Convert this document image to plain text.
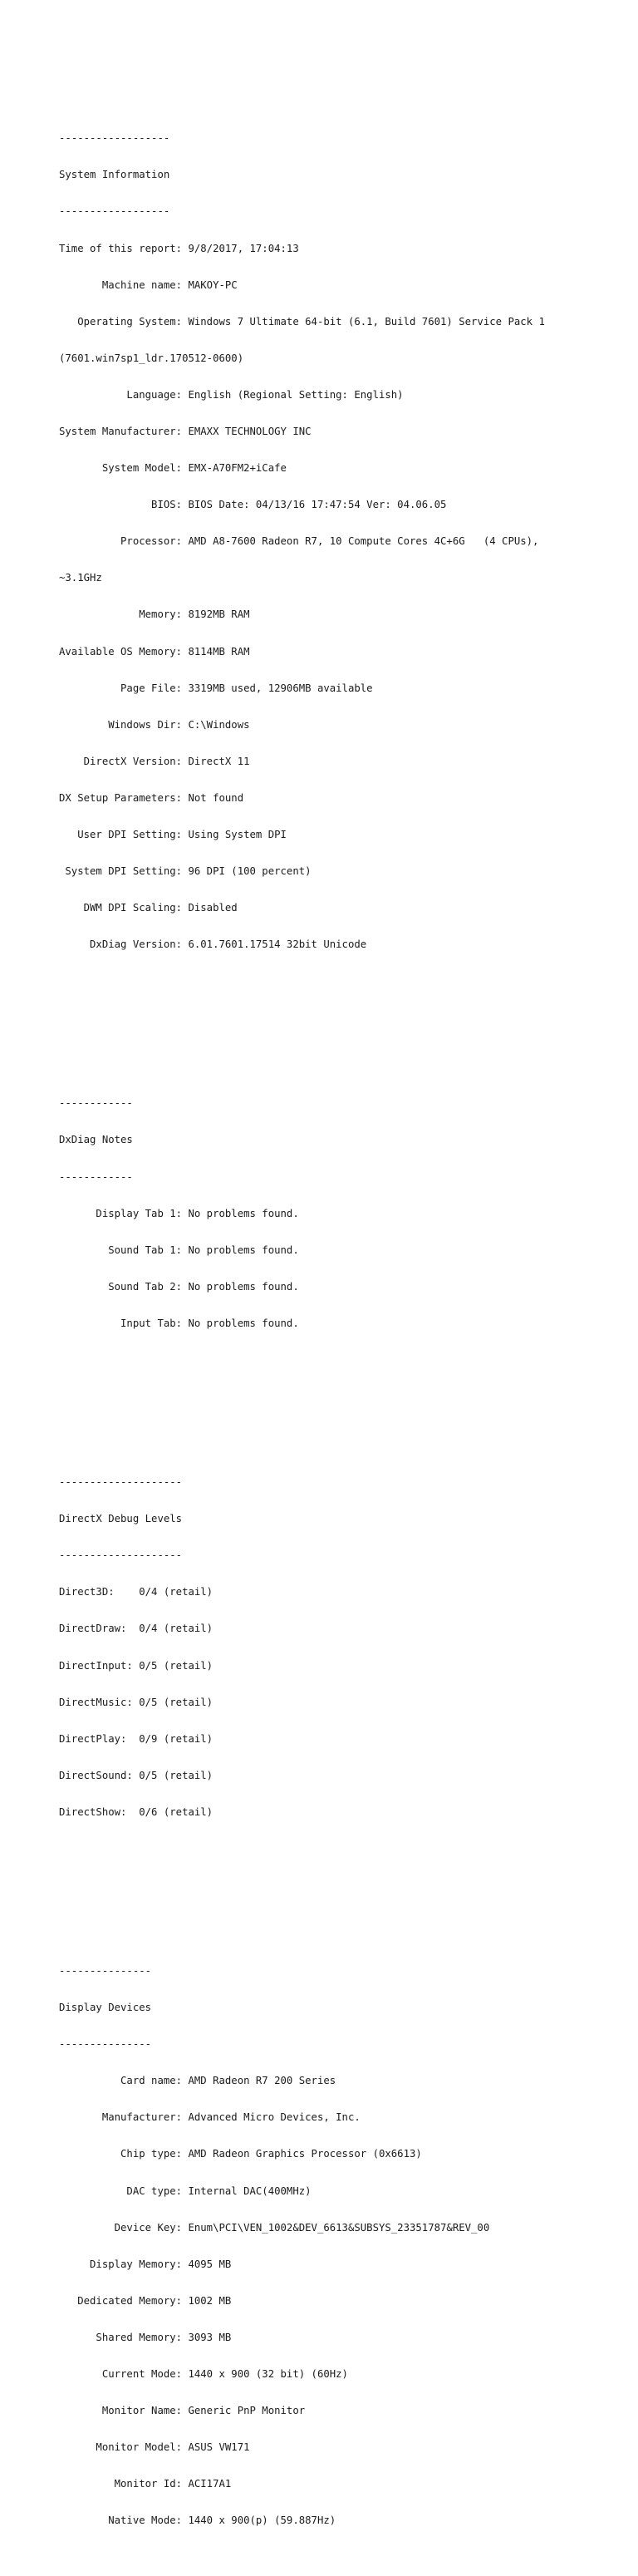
------------------

System Information

------------------

Time of this report: 9/8/2017, 17:04:13

Machine name: MAKOY-PC

Operating System: Windows 7 Ultimate 64-bit (6.1, Build 7601) Service Pack 1

(7601.win7sp1_ldr.170512-0600)

Language: English (Regional Setting: English)

System Manufacturer: EMAXX TECHNOLOGY INC

System Model: EMX-A70FM2+iCafe

BIOS: BIOS Date: 04/13/16 17:47:54 Ver: 04.06.05

Processor: AMD A8-7600 Radeon R7, 10 Compute Cores 4C+6G   (4 CPUs),

~3.1GHz

Memory: 8192MB RAM

Available OS Memory: 8114MB RAM

Page File: 3319MB used, 12906MB available

Windows Dir: C:\Windows

DirectX Version: DirectX 11

DX Setup Parameters: Not found

User DPI Setting: Using System DPI

System DPI Setting: 96 DPI (100 percent)

DWM DPI Scaling: Disabled

DxDiag Version: 6.01.7601.17514 32bit Unicode

------------

DxDiag Notes

------------

Display Tab 1: No problems found.

Sound Tab 1: No problems found.

Sound Tab 2: No problems found.

Input Tab: No problems found.

--------------------

DirectX Debug Levels

--------------------

Direct3D:    0/4 (retail)

DirectDraw:  0/4 (retail)

DirectInput: 0/5 (retail)

DirectMusic: 0/5 (retail)

DirectPlay:  0/9 (retail)

DirectSound: 0/5 (retail)

DirectShow:  0/6 (retail)

---------------

Display Devices

---------------

Card name: AMD Radeon R7 200 Series

Manufacturer: Advanced Micro Devices, Inc.

Chip type: AMD Radeon Graphics Processor (0x6613)

DAC type: Internal DAC(400MHz)

Device Key: Enum\PCI\VEN_1002&DEV_6613&SUBSYS_23351787&REV_00

Display Memory: 4095 MB

Dedicated Memory: 1002 MB

Shared Memory: 3093 MB

Current Mode: 1440 x 900 (32 bit) (60Hz)

Monitor Name: Generic PnP Monitor

Monitor Model: ASUS VW171

Monitor Id: ACI17A1

Native Mode: 1440 x 900(p) (59.887Hz)
